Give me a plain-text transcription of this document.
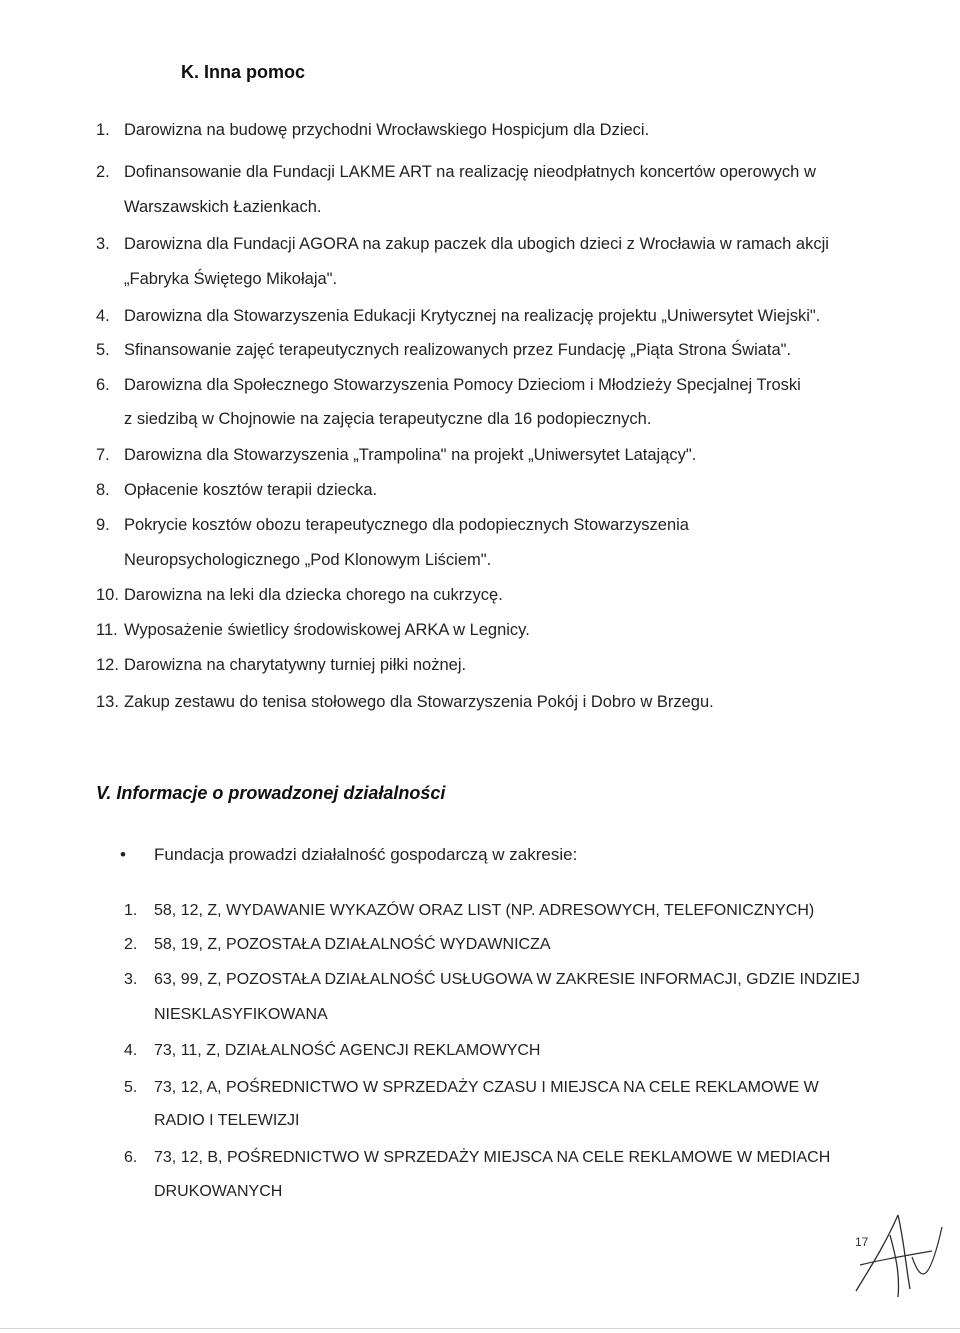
K. Inna pomoc
1. Darowizna na budowę przychodni Wrocławskiego Hospicjum dla Dzieci.
2. Dofinansowanie dla Fundacji LAKME ART na realizację nieodpłatnych koncertów operowych w
Warszawskich Łazienkach.
3. Darowizna dla Fundacji AGORA na zakup paczek dla ubogich dzieci z Wrocławia w ramach akcji
„Fabryka Świętego Mikołaja".
4. Darowizna dla Stowarzyszenia Edukacji Krytycznej na realizację projektu „Uniwersytet Wiejski".
5. Sfinansowanie zajęć terapeutycznych realizowanych przez Fundację „Piąta Strona Świata".
6. Darowizna dla Społecznego Stowarzyszenia Pomocy Dzieciom i Młodzieży Specjalnej Troski
z siedzibą w Chojnowie na zajęcia terapeutyczne dla 16 podopiecznych.
7. Darowizna dla Stowarzyszenia „Trampolina" na projekt „Uniwersytet Latający".
8. Opłacenie kosztów terapii dziecka.
9. Pokrycie kosztów obozu terapeutycznego dla podopiecznych Stowarzyszenia
Neuropsychologicznego „Pod Klonowym Liściem".
10. Darowizna na leki dla dziecka chorego na cukrzycę.
11. Wyposażenie świetlicy środowiskowej ARKA w Legnicy.
12. Darowizna na charytatywny turniej piłki nożnej.
13. Zakup zestawu do tenisa stołowego dla Stowarzyszenia Pokój i Dobro w Brzegu.
V. Informacje o prowadzonej działalności
• Fundacja prowadzi działalność gospodarczą w zakresie:
1. 58, 12, Z, WYDAWANIE WYKAZÓW ORAZ LIST (NP. ADRESOWYCH, TELEFONICZNYCH)
2. 58, 19, Z, POZOSTAŁA DZIAŁALNOŚĆ WYDAWNICZA
3. 63, 99, Z, POZOSTAŁA DZIAŁALNOŚĆ USŁUGOWA W ZAKRESIE INFORMACJI, GDZIE INDZIEJ
NIESKLASYFIKOWANA
4. 73, 11, Z, DZIAŁALNOŚĆ AGENCJI REKLAMOWYCH
5. 73, 12, A, POŚREDNICTWO W SPRZEDAŻY CZASU I MIEJSCA NA CELE REKLAMOWE W
RADIO I TELEWIZJI
6. 73, 12, B, POŚREDNICTWO W SPRZEDAŻY MIEJSCA NA CELE REKLAMOWE W MEDIACH
DRUKOWANYCH
17
